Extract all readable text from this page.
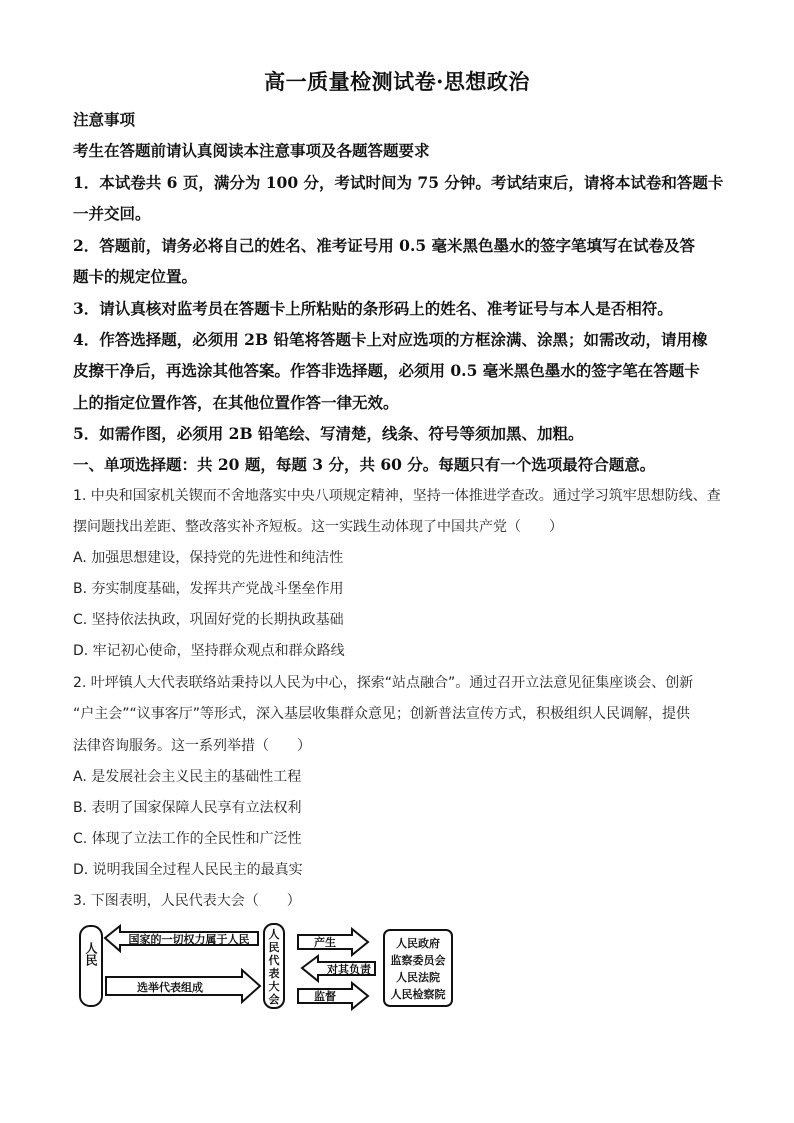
高一质量检测试卷·思想政治
注意事项
考生在答题前请认真阅读本注意事项及各题答题要求
1．本试卷共 6 页，满分为 100 分，考试时间为 75 分钟。考试结束后，请将本试卷和答题卡
一并交回。
2．答题前，请务必将自己的姓名、准考证号用 0.5 毫米黑色墨水的签字笔填写在试卷及答
题卡的规定位置。
3．请认真核对监考员在答题卡上所粘贴的条形码上的姓名、准考证号与本人是否相符。
4．作答选择题，必须用 2B 铅笔将答题卡上对应选项的方框涂满、涂黑；如需改动，请用橡
皮擦干净后，再选涂其他答案。作答非选择题，必须用 0.5 毫米黑色墨水的签字笔在答题卡
上的指定位置作答，在其他位置作答一律无效。
5．如需作图，必须用 2B 铅笔绘、写清楚，线条、符号等须加黑、加粗。
一、单项选择题：共 20 题，每题 3 分，共 60 分。每题只有一个选项最符合题意。
1. 中央和国家机关锲而不舍地落实中央八项规定精神，坚持一体推进学查改。通过学习筑牢思想防线、查
摆问题找出差距、整改落实补齐短板。这一实践生动体现了中国共产党（　　）
A. 加强思想建设，保持党的先进性和纯洁性
B. 夯实制度基础，发挥共产党战斗堡垒作用
C. 坚持依法执政，巩固好党的长期执政基础
D. 牢记初心使命，坚持群众观点和群众路线
2. 叶坪镇人大代表联络站秉持以人民为中心，探索“站点融合”。通过召开立法意见征集座谈会、创新
“户主会”“议事客厅”等形式，深入基层收集群众意见；创新普法宣传方式，积极组织人民调解，提供
法律咨询服务。这一系列举措（　　）
A. 是发展社会主义民主的基础性工程
B. 表明了国家保障人民享有立法权利
C. 体现了立法工作的全民性和广泛性
D. 说明我国全过程人民民主的最真实
3. 下图表明，人民代表大会（　　）
人民
国家的一切权力属于人民
选举代表组成
人
民
代
表
大
会
产生
对其负责
监督
人民政府
监察委员会
人民法院
人民检察院
